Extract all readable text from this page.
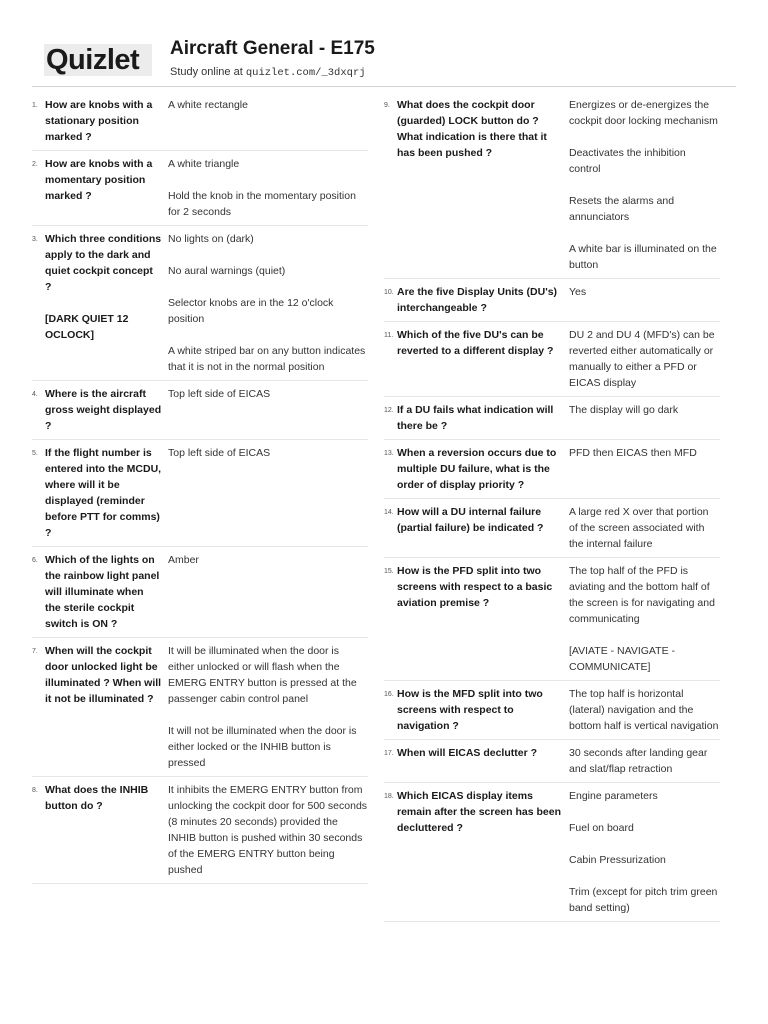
Quizlet	Aircraft General - E175
Study online at quizlet.com/_3dxqrj
1. How are knobs with a stationary position marked ?

A white rectangle

2. How are knobs with a momentary position marked ?

A white triangle

Hold the knob in the momentary position for 2 seconds

3. Which three conditions apply to the dark and quiet cockpit concept ?

[DARK QUIET 12 OCLOCK]

No lights on (dark)

No aural warnings (quiet)

Selector knobs are in the 12 o'clock position

A white striped bar on any button indicates that it is not in the normal position

4. Where is the aircraft gross weight displayed ?

Top left side of EICAS

5. If the flight number is entered into the MCDU, where will it be displayed (reminder before PTT for comms) ?

Top left side of EICAS

6. Which of the lights on the rainbow light panel will illuminate when the sterile cockpit switch is ON ?

Amber

7. When will the cockpit door unlocked light be illuminated ? When will it not be illuminated ?

It will be illuminated when the door is either unlocked or will flash when the EMERG ENTRY button is pressed at the passenger cabin control panel

It will not be illuminated when the door is either locked or the INHIB button is pressed

8. What does the INHIB button do ?

It inhibits the EMERG ENTRY button from unlocking the cockpit door for 500 seconds (8 minutes 20 seconds) provided the INHIB button is pushed within 30 seconds of the EMERG ENTRY button being pushed

9. What does the cockpit door (guarded) LOCK button do ? What indication is there that it has been pushed ?

Energizes or de-energizes the cockpit door locking mechanism

Deactivates the inhibition control

Resets the alarms and annunciators

A white bar is illuminated on the button

10. Are the five Display Units (DU's) interchangeable ?

Yes

11. Which of the five DU's can be reverted to a different display ?

DU 2 and DU 4 (MFD's) can be reverted either automatically or manually to either a PFD or EICAS display

12. If a DU fails what indication will there be ?

The display will go dark

13. When a reversion occurs due to multiple DU failure, what is the order of display priority ?

PFD then EICAS then MFD

14. How will a DU internal failure (partial failure) be indicated ?

A large red X over that portion of the screen associated with the internal failure

15. How is the PFD split into two screens with respect to a basic aviation premise ?

The top half of the PFD is aviating and the bottom half of the screen is for navigating and communicating

[AVIATE - NAVIGATE - COMMUNICATE]

16. How is the MFD split into two screens with respect to navigation ?

The top half is horizontal (lateral) navigation and the bottom half is vertical navigation

17. When will EICAS declutter ?	30 seconds after landing gear and slat/flap retraction

18. Which EICAS display items remain after the screen has been decluttered ?

Engine parameters

Fuel on board

Cabin Pressurization

Trim (except for pitch trim green band setting)
